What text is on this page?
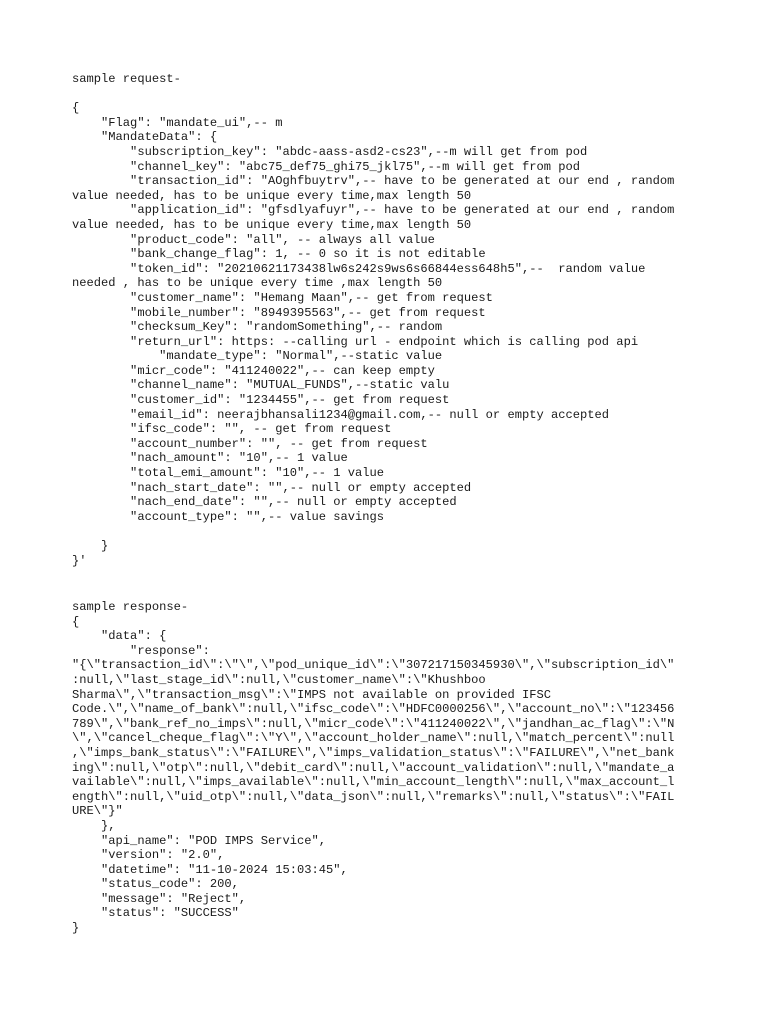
sample request-
{
"Flag": "mandate_ui",-- m
"MandateData": {
"subscription_key": "abdc-aass-asd2-cs23",--m will get from pod
"channel_key": "abc75_def75_ghi75_jkl75",--m will get from pod
"transaction_id": "AOghfbuytrv",-- have to be generated at our end , random
value needed, has to be unique every time,max length 50
"application_id": "gfsdlyafuyr",-- have to be generated at our end , random
value needed, has to be unique every time,max length 50
"product_code": "all", -- always all value
"bank_change_flag": 1, -- 0 so it is not editable
"token_id": "20210621173438lw6s242s9ws6s66844ess648h5",--  random value
needed , has to be unique every time ,max length 50
"customer_name": "Hemang Maan",-- get from request
"mobile_number": "8949395563",-- get from request
"checksum_Key": "randomSomething",-- random
"return_url": https: --calling url - endpoint which is calling pod api
"mandate_type": "Normal",--static value
"micr_code": "411240022",-- can keep empty
"channel_name": "MUTUAL_FUNDS",--static valu
"customer_id": "1234455",-- get from request
"email_id": neerajbhansali1234@gmail.com,-- null or empty accepted
"ifsc_code": "", -- get from request
"account_number": "", -- get from request
"nach_amount": "10",-- 1 value
"total_emi_amount": "10",-- 1 value
"nach_start_date": "",-- null or empty accepted
"nach_end_date": "",-- null or empty accepted
"account_type": "",-- value savings
}
}'
sample response-
{
"data": {
"response":
"{\"transaction_id\":\"\",\"pod_unique_id\":\"307217150345930\",\"subscription_id\"
:null,\"last_stage_id\":null,\"customer_name\":\"Khushboo
Sharma\",\"transaction_msg\":\"IMPS not available on provided IFSC
Code.\",\"name_of_bank\":null,\"ifsc_code\":\"HDFC0000256\",\"account_no\":\"123456
789\",\"bank_ref_no_imps\":null,\"micr_code\":\"411240022\",\"jandhan_ac_flag\":\"N
\",\"cancel_cheque_flag\":\"Y\",\"account_holder_name\":null,\"match_percent\":null
,\"imps_bank_status\":\"FAILURE\",\"imps_validation_status\":\"FAILURE\",\"net_bank
ing\":null,\"otp\":null,\"debit_card\":null,\"account_validation\":null,\"mandate_a
vailable\":null,\"imps_available\":null,\"min_account_length\":null,\"max_account_l
ength\":null,\"uid_otp\":null,\"data_json\":null,\"remarks\":null,\"status\":\"FAIL
URE\"}"
},
"api_name": "POD IMPS Service",
"version": "2.0",
"datetime": "11-10-2024 15:03:45",
"status_code": 200,
"message": "Reject",
"status": "SUCCESS"
}
